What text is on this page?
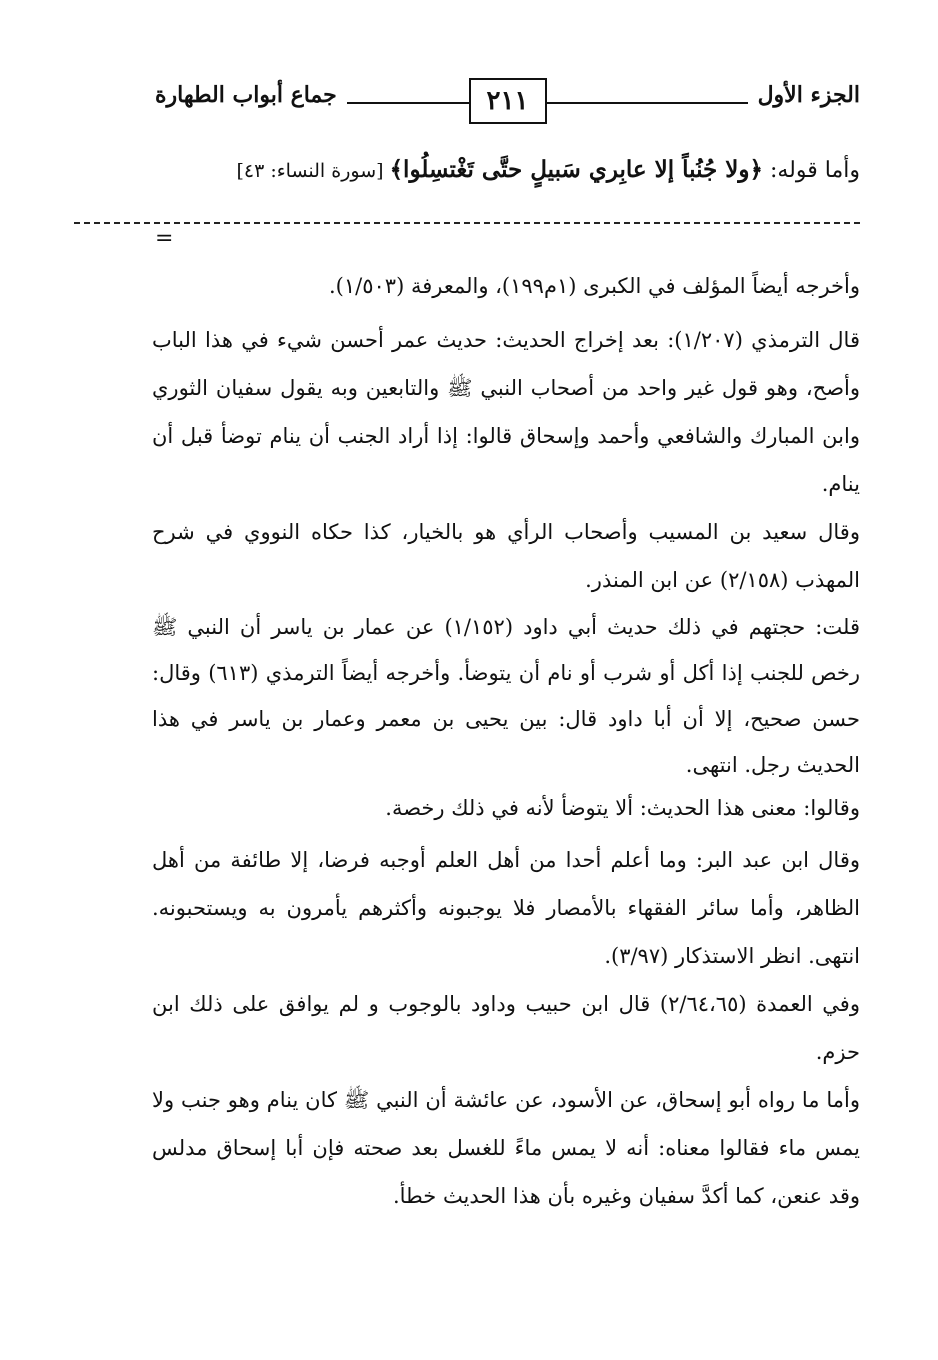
الجزء الأول
٢١١
جماع أبواب الطهارة
وأما قوله: ﴿ولا جُنُباً إلا عابِري سَبيلٍ حتَّى تَغْتسِلُوا﴾ [سورة النساء: ٤٣]
=

وأخرجه أيضاً المؤلف في الكبرى (١م١٩٩)، والمعرفة (١/٥٠٣).

قال الترمذي (١/٢٠٧): بعد إخراج الحديث: حديث عمر أحسن شيء في هذا الباب وأصح، وهو قول غير واحد من أصحاب النبي ﷺ والتابعين وبه يقول سفيان الثوري وابن المبارك والشافعي وأحمد وإسحاق قالوا: إذا أراد الجنب أن ينام توضأ قبل أن ينام.

وقال سعيد بن المسيب وأصحاب الرأي هو بالخيار، كذا حكاه النووي في شرح المهذب (٢/١٥٨) عن ابن المنذر.

قلت: حجتهم في ذلك حديث أبي داود (١/١٥٢) عن عمار بن ياسر أن النبي ﷺ رخص للجنب إذا أكل أو شرب أو نام أن يتوضأ. وأخرجه أيضاً الترمذي (٦١٣) وقال: حسن صحيح، إلا أن أبا داود قال: بين يحيى بن معمر وعمار بن ياسر في هذا الحديث رجل. انتهى.

وقالوا: معنى هذا الحديث: ألا يتوضأ لأنه في ذلك رخصة.

وقال ابن عبد البر: وما أعلم أحدا من أهل العلم أوجبه فرضا، إلا طائفة من أهل الظاهر، وأما سائر الفقهاء بالأمصار فلا يوجبونه وأكثرهم يأمرون به ويستحبونه. انتهى. انظر الاستذكار (٣/٩٧).

وفي العمدة (٢/٦٤،٦٥) قال ابن حبيب وداود بالوجوب و لم يوافق على ذلك ابن حزم.

وأما ما رواه أبو إسحاق، عن الأسود، عن عائشة أن النبي ﷺ كان ينام وهو جنب ولا يمس ماء فقالوا معناه: أنه لا يمس ماءً للغسل بعد صحته فإن أبا إسحاق مدلس وقد عنعن، كما أكدَّ سفيان وغيره بأن هذا الحديث خطأ.
